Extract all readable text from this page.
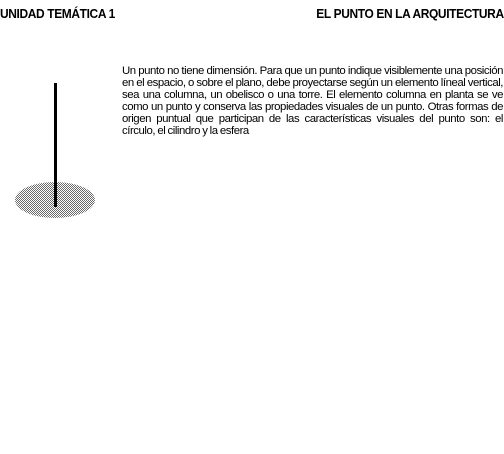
UNIDAD TEMÁTICA 1	EL PUNTO EN LA ARQUITECTURA
Un punto no tiene dimensión. Para que un punto indique visiblemente una posición en el espacio, o sobre el plano, debe proyectarse según un elemento líneal vertical, sea una columna, un obelisco o una torre. El elemento columna en planta se ve como un punto y conserva las propiedades visuales de un punto. Otras formas de origen puntual que participan de las características visuales del punto son: el círculo, el cilindro y la esfera
